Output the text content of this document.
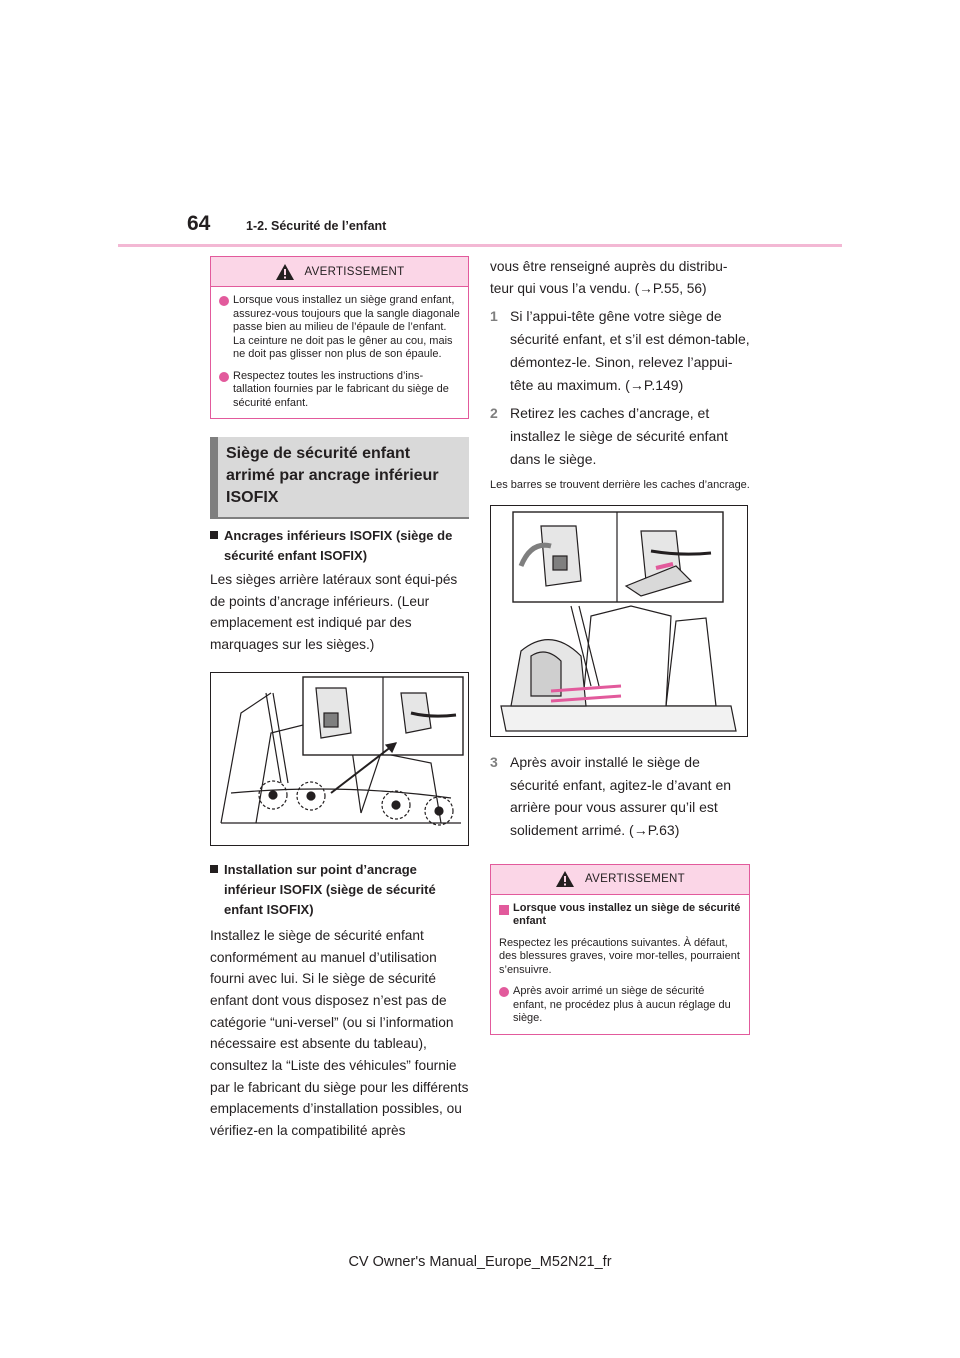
64	1-2. Sécurité de l’enfant
AVERTISSEMENT
Lorsque vous installez un siège grand enfant, assurez-vous toujours que la sangle diagonale passe bien au milieu de l’épaule de l’enfant. La ceinture ne doit pas le gêner au cou, mais ne doit pas glisser non plus de son épaule.
Respectez toutes les instructions d’ins-tallation fournies par le fabricant du siège de sécurité enfant.
Siège de sécurité enfant arrimé par ancrage inférieur ISOFIX
Ancrages inférieurs ISOFIX (siège de sécurité enfant ISOFIX)
Les sièges arrière latéraux sont équi-pés de points d’ancrage inférieurs. (Leur emplacement est indiqué par des marquages sur les sièges.)
Installation sur point d’ancrage inférieur ISOFIX (siège de sécurité enfant ISOFIX)
Installez le siège de sécurité enfant conformément au manuel d’utilisation fourni avec lui. Si le siège de sécurité enfant dont vous disposez n’est pas de catégorie “uni-versel” (ou si l’information nécessaire est absente du tableau), consultez la “Liste des véhicules” fournie par le fabricant du siège pour les différents emplacements d’installation possibles, ou vérifiez-en la compatibilité après
vous être renseigné auprès du distribu-teur qui vous l’a vendu. (→P.55, 56)
1 Si l’appui-tête gêne votre siège de sécurité enfant, et s’il est démon-table, démontez-le. Sinon, relevez l’appui-tête au maximum. (→P.149)
2 Retirez les caches d’ancrage, et installez le siège de sécurité enfant dans le siège.
Les barres se trouvent derrière les caches d’ancrage.
3 Après avoir installé le siège de sécurité enfant, agitez-le d’avant en arrière pour vous assurer qu’il est solidement arrimé. (→P.63)
AVERTISSEMENT
Lorsque vous installez un siège de sécurité enfant
Respectez les précautions suivantes. À défaut, des blessures graves, voire mor-telles, pourraient s’ensuivre.
Après avoir arrimé un siège de sécurité enfant, ne procédez plus à aucun réglage du siège.
CV Owner's Manual_Europe_M52N21_fr
